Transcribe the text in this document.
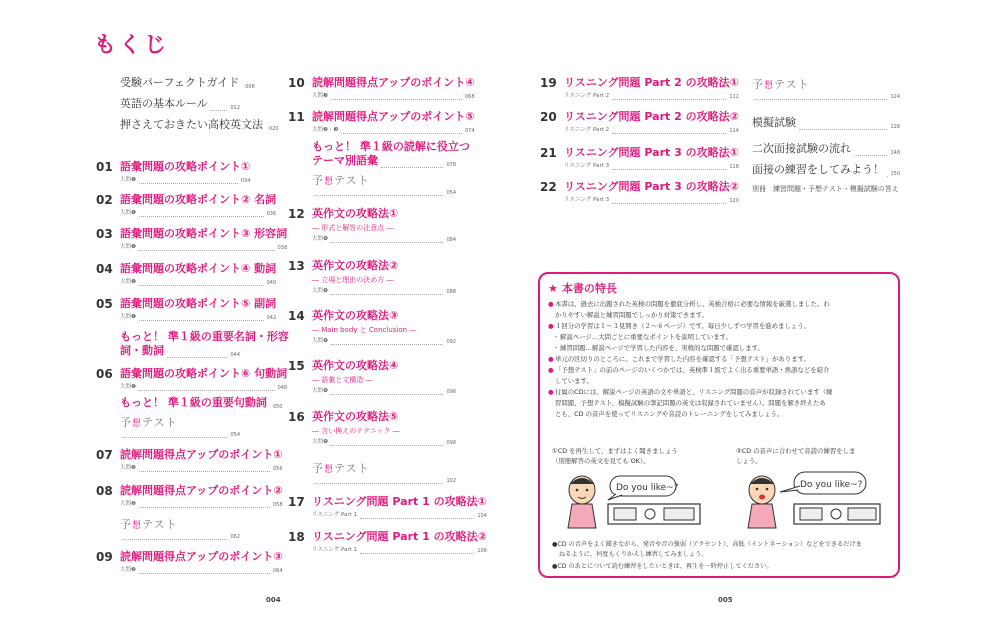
もくじ
★ 本書の特長
● 本書は、過去に出題された英検の問題を徹底分析し、英検合格に必要な情報を厳選しました。わ
かりやすい解説と練習問題でしっかり対策できます。
● １回分の学習は１～３見開き（２～６ページ）です。毎日少しずつ学習を進めましょう。
・ 解説ページ…大問ごとに重要なポイントを説明しています。
・ 練習問題…解説ページで学習した内容を、実戦的な問題で確認します。
● 単元の区切りのところに、これまで学習した内容を確認する「予想テスト」があります。
● 「予想テスト」の前のページのいくつかでは、英検準１級でよく出る重要単語・熟語などを紹介
しています。
● 付属のCDには、解説ページの英語の文や単語と、リスニング問題の音声が収録されています（練
習問題、予想テスト、模擬試験の筆記問題の英文は収録されていません）。問題を解き終えたあ
とも、CD の音声を使ってリスニングや音読のトレーニングをしてみましょう。
①CD を再生して、まずはよく聞きましょう
（別冊解答の英文を見ても OK）。
②CD の音声に合わせて音読の練習をしま
しょう。
Do you like~?	Do you like~?
●CD の音声をよく聞きながら、発音や音の強弱（アクセント）、高低（イントネーション）などをできるだけま
ねるように、何度もくりかえし練習してみましょう。
●CD のあとについて読む練習をしたいときは、再生を一時停止してください。
004	005
受験パーフェクトガイド 006
英語の基本ルール	012
押さえておきたい高校英文法 020
01 語彙問題の攻略ポイント①
大問❶	034
02 語彙問題の攻略ポイント② 名詞
大問❶	036
03 語彙問題の攻略ポイント③ 形容詞
大問❶	038
04 語彙問題の攻略ポイント④ 動詞
大問❶	040
05 語彙問題の攻略ポイント⑤ 副詞
大問❶	042
もっと！ 準１級の重要名詞・形容
詞・動詞	044
06 語彙問題の攻略ポイント⑥ 句動詞
大問❶	048
もっと！ 準１級の重要句動詞 050
予想テスト
054
07 読解問題得点アップのポイント①
大問❷	056
08 読解問題得点アップのポイント②
大問❷	058
予想テスト
062
09 読解問題得点アップのポイント③
大問❷	064
10 読解問題得点アップのポイント④
大問❸	068
11 読解問題得点アップのポイント⑤
大問❷・❸	074
もっと！ 準１級の読解に役立つ
テーマ別語彙	078
予想テスト
054
12 英作文の攻略法①
― 形式と解答の注意点 ―
大問❹	084
13 英作文の攻略法②
― 立場と理由の決め方 ―
大問❹	088
14 英作文の攻略法③
― Main body と Conclusion ―
大問❹	092
15 英作文の攻略法④
― 語彙と文構造 ―
大問❹	096
16 英作文の攻略法⑤
― 言い換えのテクニック ―
大問❹	098
予想テスト
102
17 リスニング問題 Part 1 の攻略法①
リスニング Part 1	104
18 リスニング問題 Part 1 の攻略法②
リスニング Part 1	106
19 リスニング問題 Part 2 の攻略法①
リスニング Part 2	112
20 リスニング問題 Part 2 の攻略法②
リスニング Part 2	114
21 リスニング問題 Part 3 の攻略法①
リスニング Part 3	118
22 リスニング問題 Part 3 の攻略法②
リスニング Part 3	120
予想テスト
124
模擬試験	128
二次面接試験の流れ	148
面接の練習をしてみよう！ 150
別冊　練習問題・予想テスト・模擬試験の答え
